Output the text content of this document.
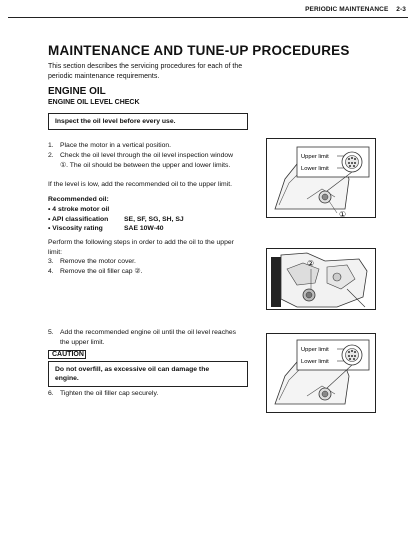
PERIODIC MAINTENANCE 2-3
MAINTENANCE AND TUNE-UP PROCEDURES
This section describes the servicing procedures for each of the periodic maintenance requirements.
ENGINE OIL
ENGINE OIL LEVEL CHECK
Inspect the oil level before every use.
1. Place the motor in a vertical position.
2. Check the oil level through the oil level inspection window
①. The oil should be between the upper and lower limits.
If the level is low, add the recommended oil to the upper limit.
Recommended oil:
• 4 stroke motor oil	
• API classification	SE, SF, SG, SH, SJ
• Viscosity rating	SAE 10W-40
Perform the following steps in order to add the oil to the upper
limit:
3. Remove the motor cover.
4. Remove the oil filler cap ②.
5. Add the recommended engine oil until the oil level reaches
the upper limit.
CAUTION
Do not overfill, as excessive oil can damage the
engine.
6. Tighten the oil filler cap securely.
Upper limit
Lower limit
①
②
Upper limit
Lower limit
